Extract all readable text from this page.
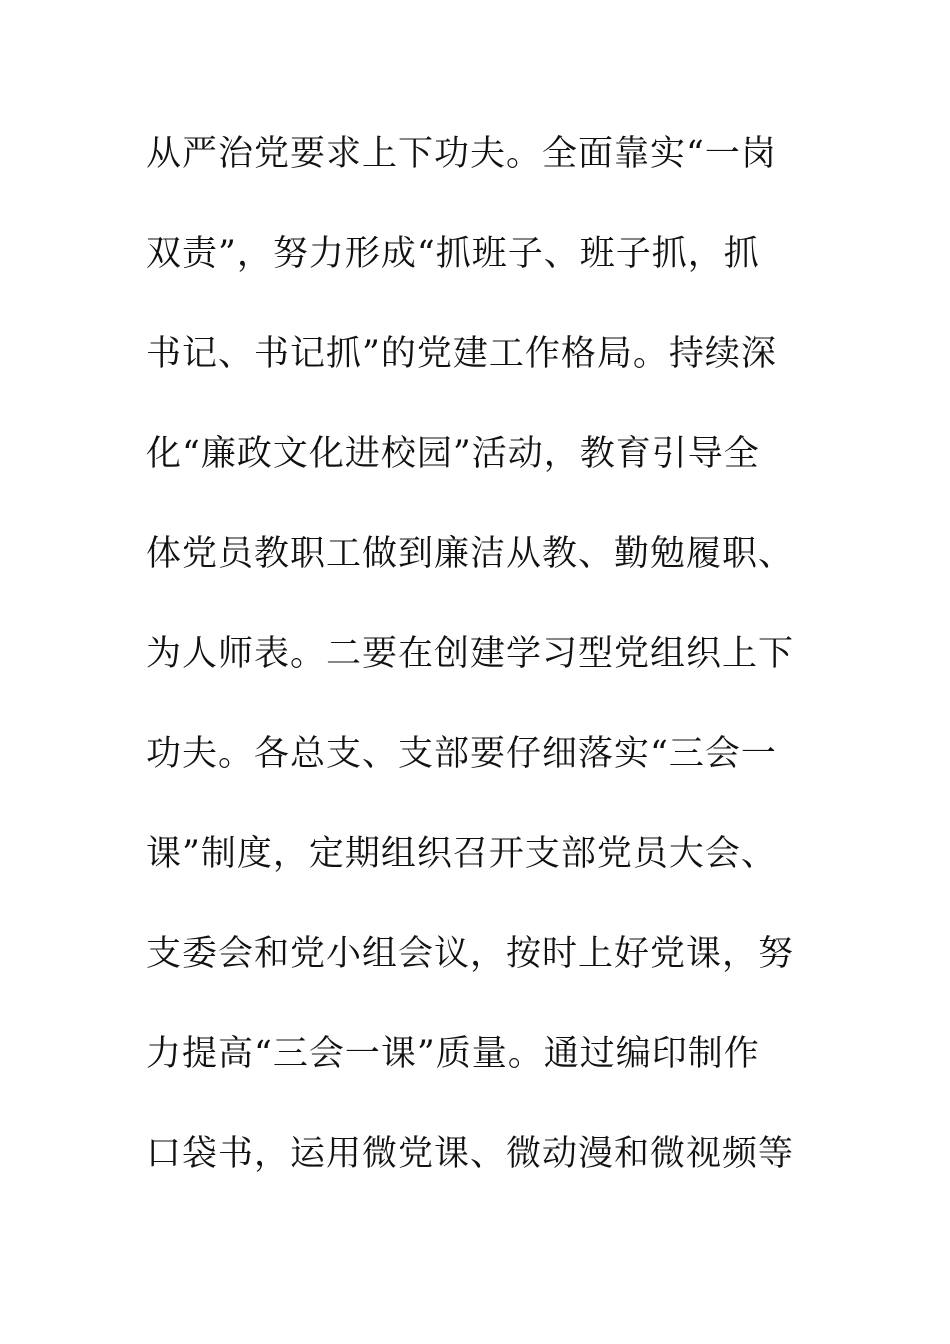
从严治党要求上下功夫。全面靠实“一岗
双责”，努力形成“抓班子、班子抓，抓
书记、书记抓”的党建工作格局。持续深
化“廉政文化进校园”活动，教育引导全
体党员教职工做到廉洁从教、勤勉履职、
为人师表。二要在创建学习型党组织上下
功夫。各总支、支部要仔细落实“三会一
课”制度，定期组织召开支部党员大会、
支委会和党小组会议，按时上好党课，努
力提高“三会一课”质量。通过编印制作
口袋书，运用微党课、微动漫和微视频等
